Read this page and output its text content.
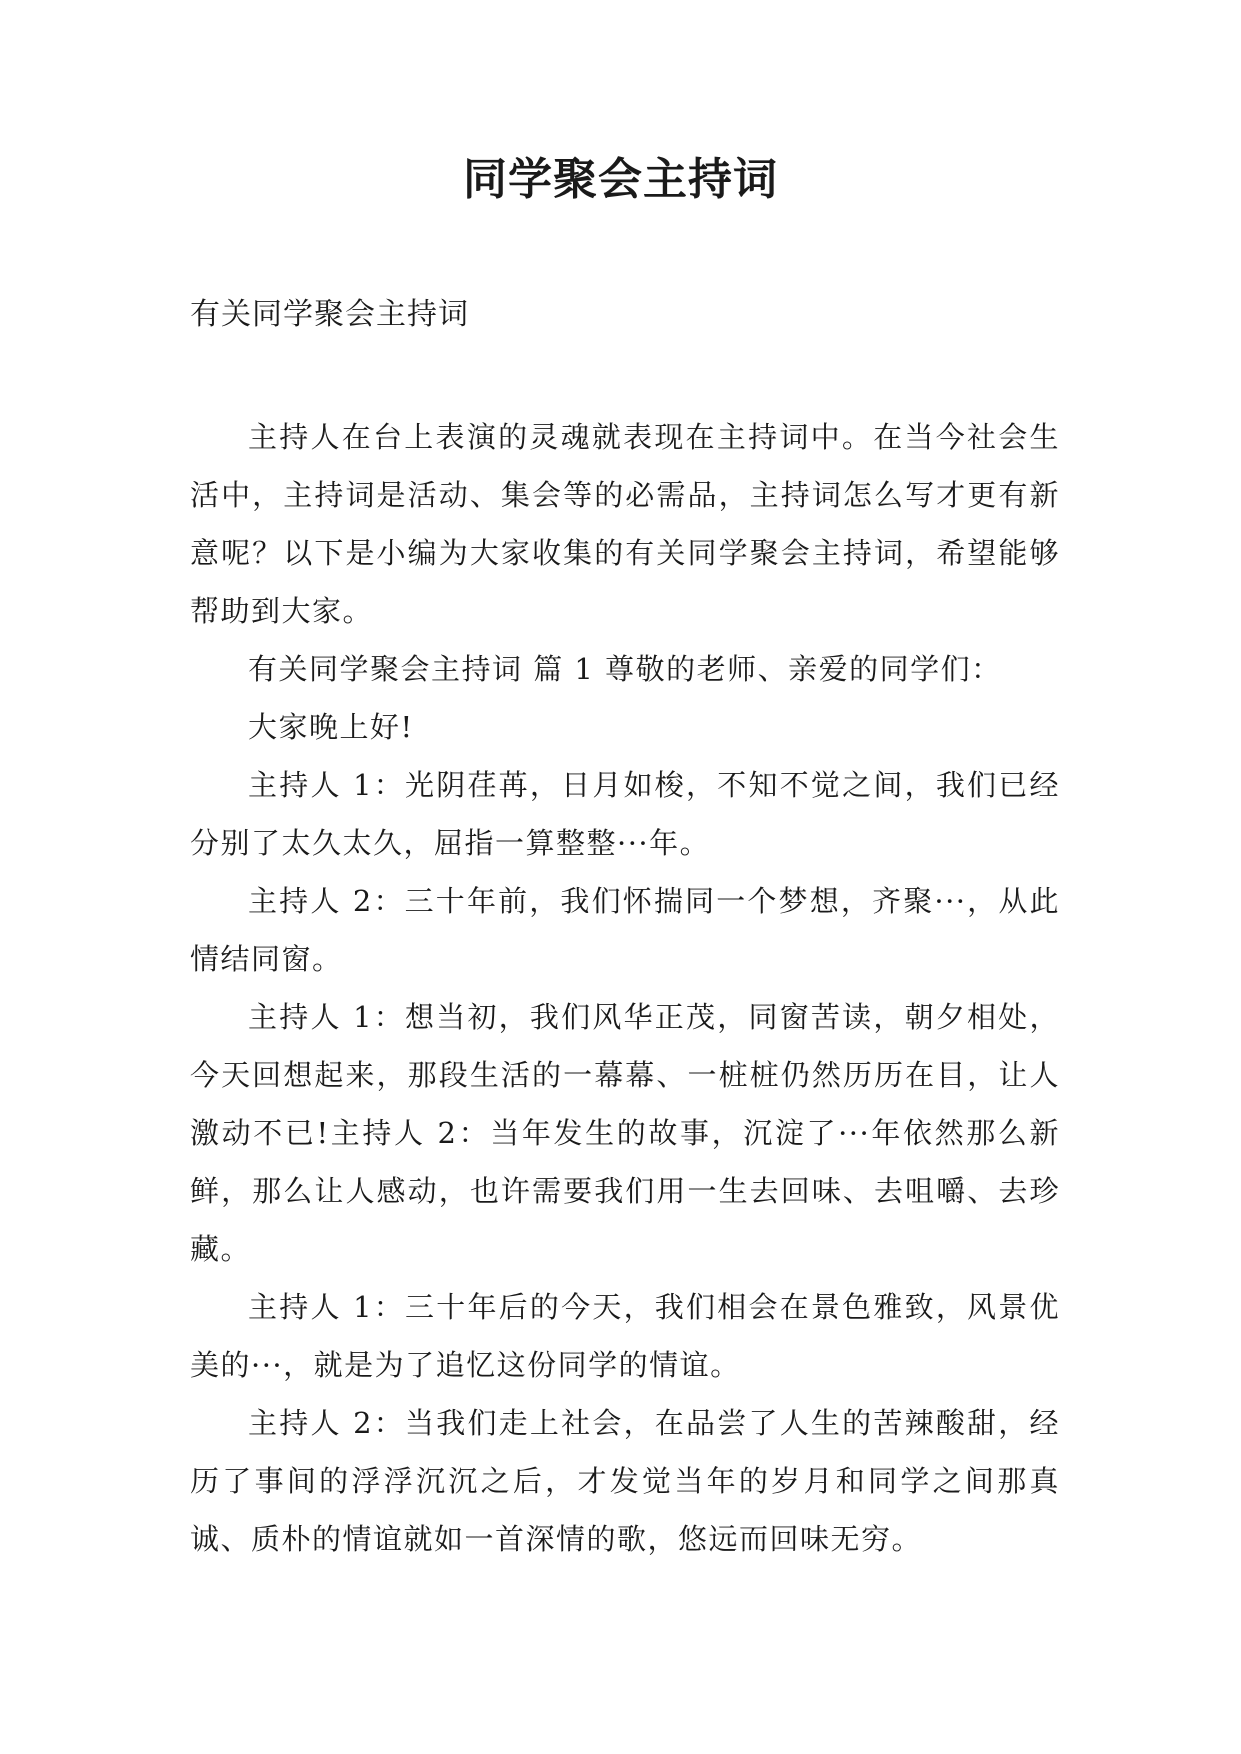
同学聚会主持词
有关同学聚会主持词

主持人在台上表演的灵魂就表现在主持词中。在当今社会生活中，主持词是活动、集会等的必需品，主持词怎么写才更有新意呢？以下是小编为大家收集的有关同学聚会主持词，希望能够帮助到大家。

有关同学聚会主持词 篇 1 尊敬的老师、亲爱的同学们：

大家晚上好!

主持人 1：光阴荏苒，日月如梭，不知不觉之间，我们已经分别了太久太久，屈指一算整整···年。

主持人 2：三十年前，我们怀揣同一个梦想，齐聚···，从此情结同窗。

主持人 1：想当初，我们风华正茂，同窗苦读，朝夕相处，今天回想起来，那段生活的一幕幕、一桩桩仍然历历在目，让人激动不已!主持人 2：当年发生的故事，沉淀了···年依然那么新鲜，那么让人感动，也许需要我们用一生去回味、去咀嚼、去珍藏。

主持人 1：三十年后的今天，我们相会在景色雅致，风景优美的···，就是为了追忆这份同学的情谊。

主持人 2：当我们走上社会，在品尝了人生的苦辣酸甜，经历了事间的浮浮沉沉之后，才发觉当年的岁月和同学之间那真诚、质朴的情谊就如一首深情的歌，悠远而回味无穷。
